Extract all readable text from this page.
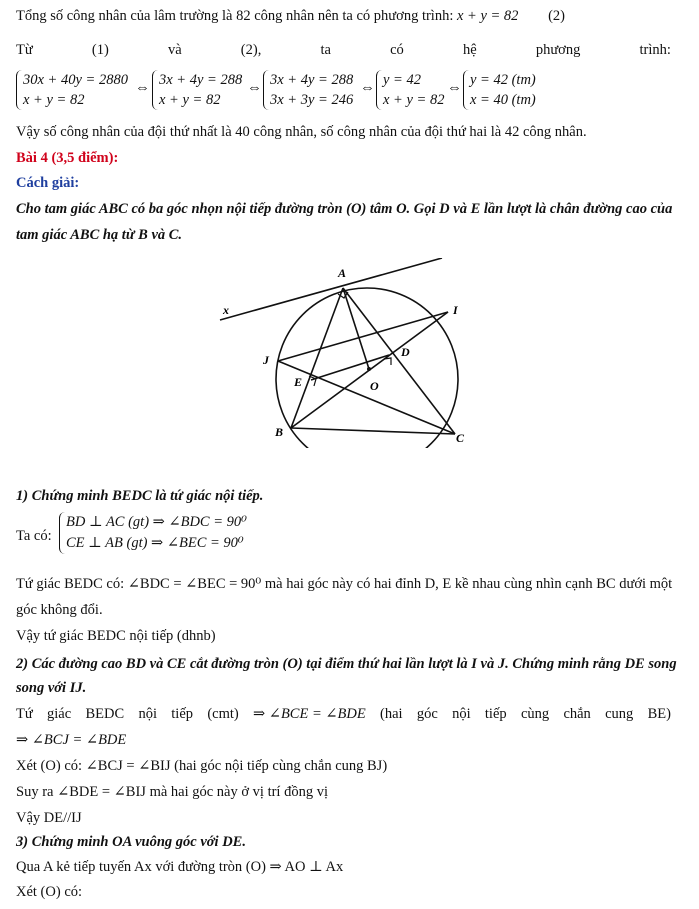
Tổng số công nhân của lâm trường là 82 công nhân nên ta có phương trình: x + y = 82 (2)
Từ	(1)	và	(2),	ta	có	hệ	phương	trình:
30x + 40y = 2880
x + y = 82
⇔ 3x + 4y = 288
x + y = 82
⇔ 3x + 4y = 288
3x + 3y = 246
⇔ y = 42
x + y = 82
⇔ y = 42 (tm)
x = 40 (tm)
Vậy số công nhân của đội thứ nhất là 40 công nhân, số công nhân của đội thứ hai là 42 công nhân.
Bài 4 (3,5 điểm):
Cách giải:
Cho tam giác ABC có ba góc nhọn nội tiếp đường tròn (O) tâm O. Gọi D và E lần lượt là chân đường cao của
tam giác ABC hạ từ B và C.
A
I
x
J
D
E	O
B	C
1) Chứng minh BEDC là tứ giác nội tiếp.
Ta có:
BD ⊥ AC (gt) ⇒ ∠BDC = 90⁰
CE ⊥ AB (gt) ⇒ ∠BEC = 90⁰
Tứ giác BEDC có: ∠BDC = ∠BEC = 90⁰ mà hai góc này có hai đỉnh D, E kề nhau cùng nhìn cạnh BC dưới một
góc không đổi.
Vậy tứ giác BEDC nội tiếp (dhnb)
2) Các đường cao BD và CE cắt đường tròn (O) tại điểm thứ hai lần lượt là I và J. Chứng minh rằng DE song
song với IJ.
Tứ giác BEDC nội tiếp (cmt) ⇒ ∠BCE = ∠BDE (hai góc nội tiếp cùng chắn cung BE)
⇒ ∠BCJ = ∠BDE
Xét (O) có: ∠BCJ = ∠BIJ (hai góc nội tiếp cùng chắn cung BJ)
Suy ra ∠BDE = ∠BIJ mà hai góc này ở vị trí đồng vị
Vậy DE//IJ
3) Chứng minh OA vuông góc với DE.
Qua A kẻ tiếp tuyến Ax với đường tròn (O) ⇒ AO ⊥ Ax
Xét (O) có:
